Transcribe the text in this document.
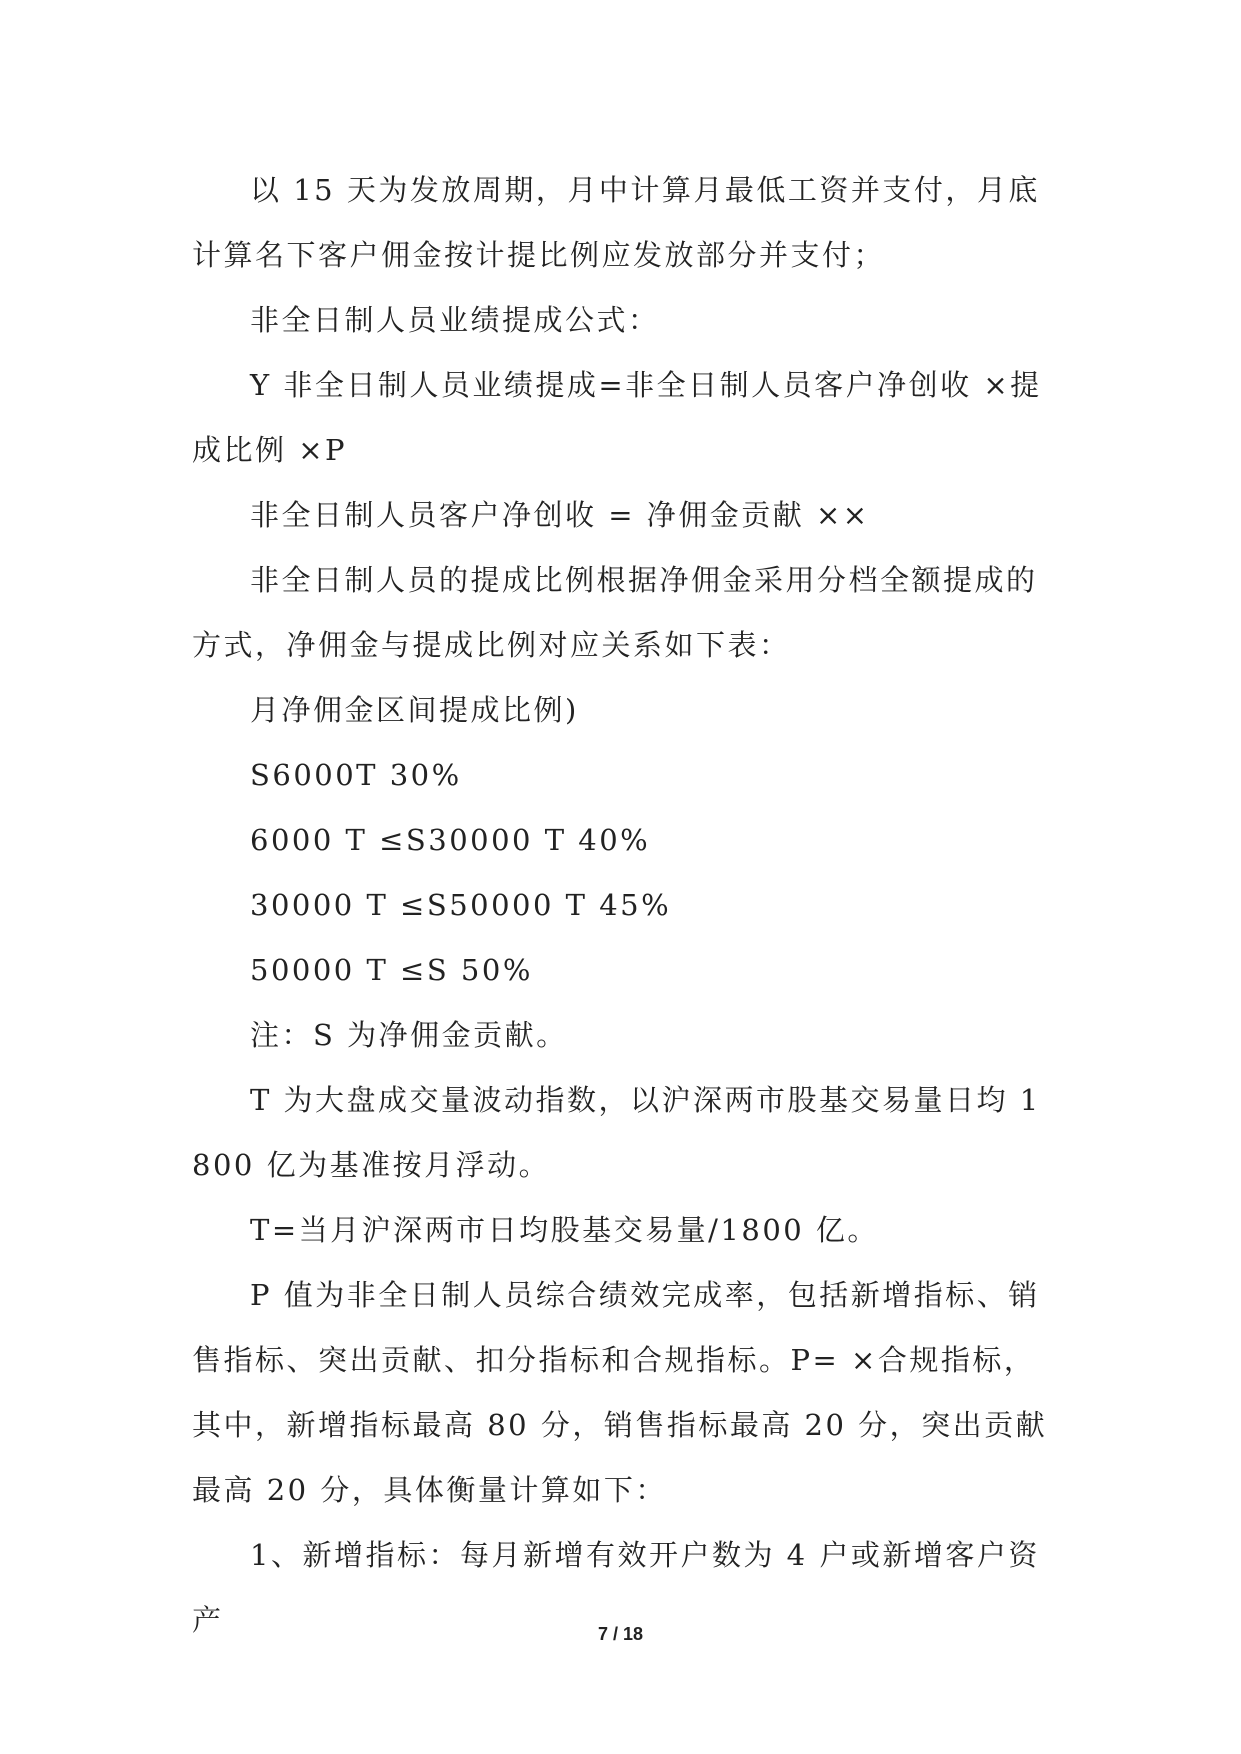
以 15 天为发放周期，月中计算月最低工资并支付，月底计算名下客户佣金按计提比例应发放部分并支付；

非全日制人员业绩提成公式：

Y 非全日制人员业绩提成=非全日制人员客户净创收 ×提成比例 ×P

非全日制人员客户净创收 = 净佣金贡献 ××

非全日制人员的提成比例根据净佣金采用分档全额提成的方式，净佣金与提成比例对应关系如下表：

月净佣金区间提成比例)

S6000T 30%

6000 T ≤S30000 T 40%

30000 T ≤S50000 T 45%

50000 T ≤S 50%

注：S 为净佣金贡献。

T 为大盘成交量波动指数，以沪深两市股基交易量日均 1800 亿为基准按月浮动。

T=当月沪深两市日均股基交易量/1800 亿。

P 值为非全日制人员综合绩效完成率，包括新增指标、销售指标、突出贡献、扣分指标和合规指标。P= ×合规指标，其中，新增指标最高 80 分，销售指标最高 20 分，突出贡献最高 20 分，具体衡量计算如下：

1、新增指标：每月新增有效开户数为 4 户或新增客户资产	7 / 18
